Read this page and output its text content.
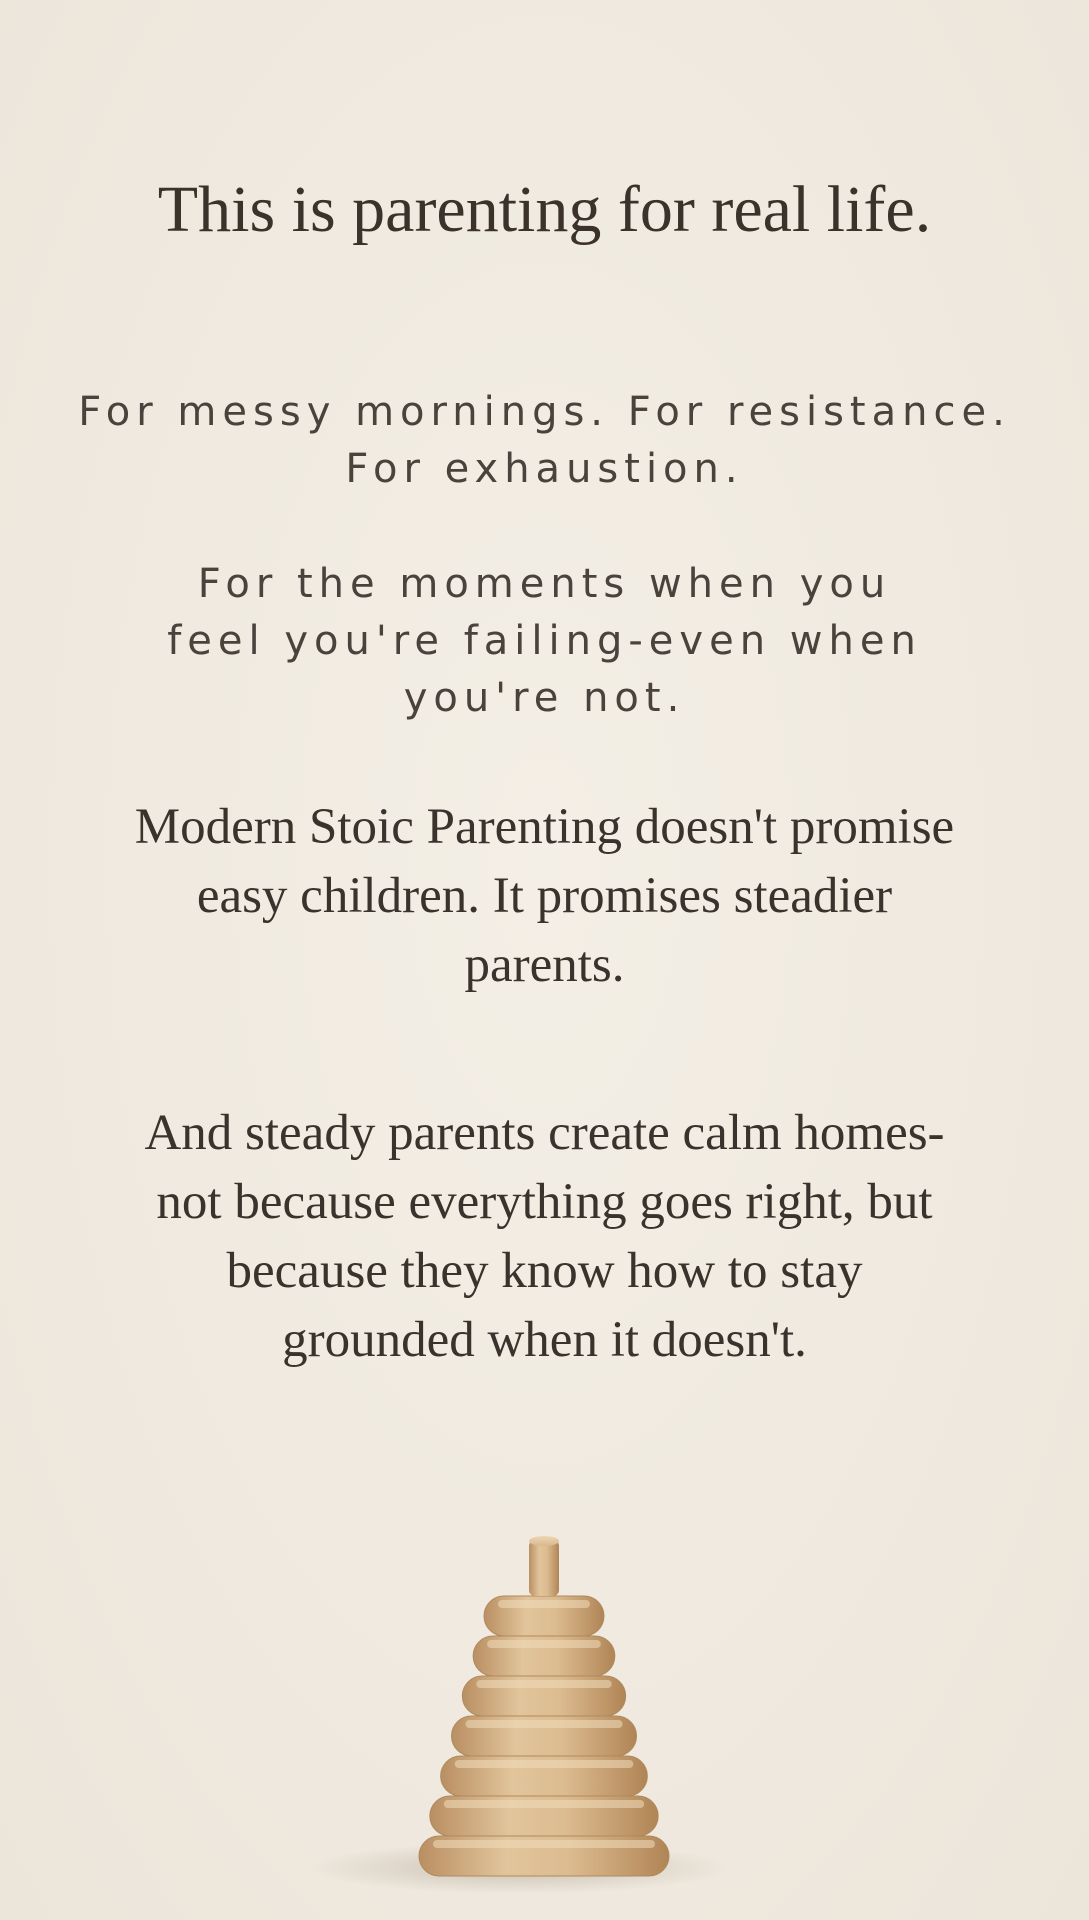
This is parenting for real life.

For messy mornings. For resistance.
For exhaustion.

For the moments when you
feel you're failing-even when
you're not.

Modern Stoic Parenting doesn't promise
easy children. It promises steadier
parents.

And steady parents create calm homes-
not because everything goes right, but
because they know how to stay
grounded when it doesn't.
